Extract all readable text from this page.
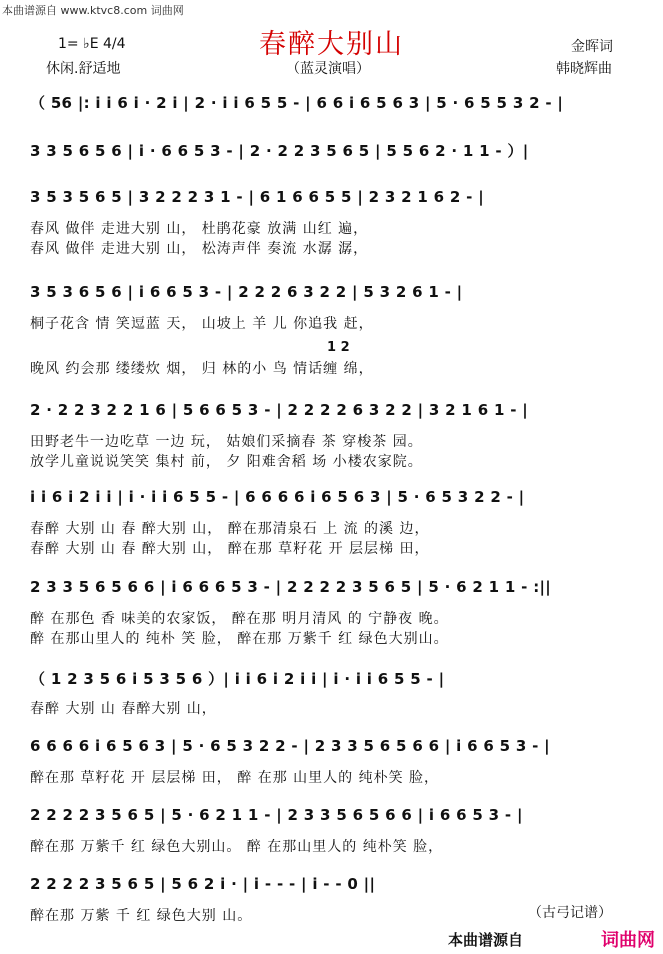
本曲谱源自 www.ktvc8.com 词曲网
春醉大别山
1= ♭E 4/4
休闲.舒适地	（蓝灵演唱）
金晖词
韩晓辉曲
（ 56 |: i i 6 i · 2 i | 2 · i i 6 5 5 - | 6 6 i 6 5 6 3 | 5 · 6 5 5 3 2 - |
3 3 5 6 5 6 | i · 6 6 5 3 - | 2 · 2 2 3 5 6 5 | 5 5 6 2 · 1 1 - ）|
3 5 3 5 6 5 | 3 2 2 2 3 1 - | 6 1 6 6 5 5 | 2 3 2 1 6 2 - |
春风 做伴 走进大别 山， 杜鹃花豪 放满 山红 遍，
春风 做伴 走进大别 山， 松涛声伴 奏流 水潺 潺，
3 5 3 6 5 6 | i 6 6 5 3 - | 2 2 2 6 3 2 2 | 5 3 2 6 1 - |
桐子花含 情 笑逗蓝 天， 山坡上 羊 儿 你追我 赶，
晚风 约会那 缕缕炊 烟， 归 林的小 鸟 情话缠 绵，
2 · 2 2 3 2 2 1 6 | 5 6 6 5 3 - | 2 2 2 2 6 3 2 2 | 3 2 1 6 1 - |
田野老牛一边吃草 一边 玩， 姑娘们采摘春 茶 穿梭茶 园。
放学儿童说说笑笑 集村 前， 夕 阳难舍稻 场 小楼农家院。
i i 6 i 2 i i | i · i i 6 5 5 - | 6 6 6 6 i 6 5 6 3 | 5 · 6 5 3 2 2 - |
春醉 大别 山 春 醉大别 山， 醉在那清泉石 上 流 的溪 边，
春醉 大别 山 春 醉大别 山， 醉在那 草籽花 开 层层梯 田，
2 3 3 5 6 5 6 6 | i 6 6 6 5 3 - | 2 2 2 2 3 5 6 5 | 5 · 6 2 1 1 - :||
醉 在那色 香 味美的农家饭， 醉在那 明月清风 的 宁静夜 晚。
醉 在那山里人的 纯朴 笑 脸， 醉在那 万紫千 红 绿色大别山。
（ 1 2 3 5 6 i 5 3 5 6 ）| i i 6 i 2 i i | i · i i 6 5 5 - |
春醉 大别 山 春醉大别 山，
6 6 6 6 i 6 5 6 3 | 5 · 6 5 3 2 2 - | 2 3 3 5 6 5 6 6 | i 6 6 5 3 - |
醉在那 草籽花 开 层层梯 田， 醉 在那 山里人的 纯朴笑 脸，
2 2 2 2 3 5 6 5 | 5 · 6 2 1 1 - | 2 3 3 5 6 5 6 6 | i 6 6 5 3 - |
醉在那 万紫千 红 绿色大别山。 醉 在那山里人的 纯朴笑 脸，
2 2 2 2 3 5 6 5 | 5 6 2 i · | i - - - | i - - 0 ||
醉在那 万紫 千 红 绿色大别 山。
1 2
（古弓记谱）
本曲谱源自	词曲网
